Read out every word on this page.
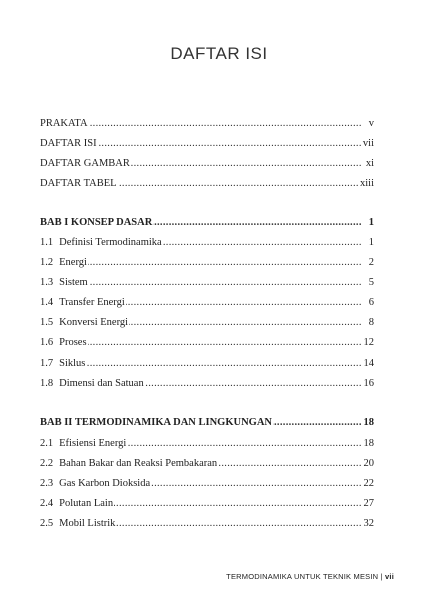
DAFTAR ISI
PRAKATA .....	v
DAFTAR ISI .....	vii
DAFTAR GAMBAR .....	xi
DAFTAR TABEL .....	xiii
BAB I KONSEP DASAR .....	1
1.1 Definisi Termodinamika .....	1
1.2 Energi .....	2
1.3 Sistem .....	5
1.4 Transfer Energi .....	6
1.5 Konversi Energi .....	8
1.6 Proses .....	12
1.7 Siklus .....	14
1.8 Dimensi dan Satuan .....	16
BAB II TERMODINAMIKA DAN LINGKUNGAN .....	18
2.1 Efisiensi Energi .....	18
2.2 Bahan Bakar dan Reaksi Pembakaran .....	20
2.3 Gas Karbon Dioksida .....	22
2.4 Polutan Lain .....	27
2.5 Mobil Listrik .....	32
TERMODINAMIKA UNTUK TEKNIK MESIN | vii
